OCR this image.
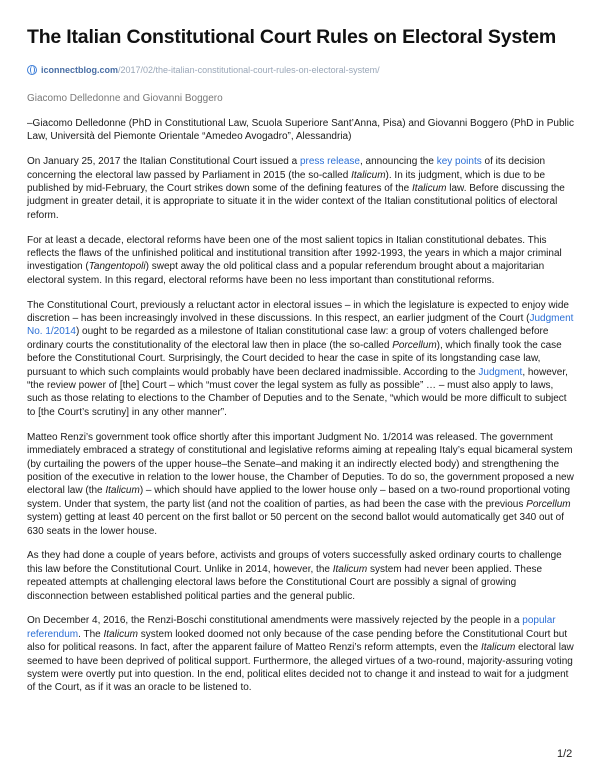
The Italian Constitutional Court Rules on Electoral System
iconnectblog.com /2017/02/the-italian-constitutional-court-rules-on-electoral-system/
Giacomo Delledonne and Giovanni Boggero

–Giacomo Delledonne (PhD in Constitutional Law, Scuola Superiore Sant’Anna, Pisa) and Giovanni Boggero (PhD in Public Law, Università del Piemonte Orientale “Amedeo Avogadro”, Alessandria)

On January 25, 2017 the Italian Constitutional Court issued a press release, announcing the key points of its decision concerning the electoral law passed by Parliament in 2015 (the so-called Italicum). In its judgment, which is due to be published by mid-February, the Court strikes down some of the defining features of the Italicum law. Before discussing the judgment in greater detail, it is appropriate to situate it in the wider context of the Italian constitutional politics of electoral reform.

For at least a decade, electoral reforms have been one of the most salient topics in Italian constitutional debates. This reflects the flaws of the unfinished political and institutional transition after 1992-1993, the years in which a major criminal investigation (Tangentopoli) swept away the old political class and a popular referendum brought about a majoritarian electoral system. In this regard, electoral reforms have been no less important than constitutional reforms.

The Constitutional Court, previously a reluctant actor in electoral issues – in which the legislature is expected to enjoy wide discretion – has been increasingly involved in these discussions. In this respect, an earlier judgment of the Court (Judgment No. 1/2014) ought to be regarded as a milestone of Italian constitutional case law: a group of voters challenged before ordinary courts the constitutionality of the electoral law then in place (the so-called Porcellum), which finally took the case before the Constitutional Court. Surprisingly, the Court decided to hear the case in spite of its longstanding case law, pursuant to which such complaints would probably have been declared inadmissible. According to the Judgment, however, “the review power of [the] Court – which “must cover the legal system as fully as possible” … – must also apply to laws, such as those relating to elections to the Chamber of Deputies and to the Senate, “which would be more difficult to subject to [the Court’s scrutiny] in any other manner”.

Matteo Renzi’s government took office shortly after this important Judgment No. 1/2014 was released. The government immediately embraced a strategy of constitutional and legislative reforms aiming at repealing Italy’s equal bicameral system (by curtailing the powers of the upper house–the Senate–and making it an indirectly elected body) and strengthening the position of the executive in relation to the lower house, the Chamber of Deputies. To do so, the government proposed a new electoral law (the Italicum) – which should have applied to the lower house only – based on a two-round proportional voting system. Under that system, the party list (and not the coalition of parties, as had been the case with the previous Porcellum system) getting at least 40 percent on the first ballot or 50 percent on the second ballot would automatically get 340 out of 630 seats in the lower house.

As they had done a couple of years before, activists and groups of voters successfully asked ordinary courts to challenge this law before the Constitutional Court. Unlike in 2014, however, the Italicum system had never been applied. These repeated attempts at challenging electoral laws before the Constitutional Court are possibly a signal of growing disconnection between established political parties and the general public.

On December 4, 2016, the Renzi-Boschi constitutional amendments were massively rejected by the people in a popular referendum. The Italicum system looked doomed not only because of the case pending before the Constitutional Court but also for political reasons. In fact, after the apparent failure of Matteo Renzi’s reform attempts, even the Italicum electoral law seemed to have been deprived of political support. Furthermore, the alleged virtues of a two-round, majority-assuring voting system were overtly put into question. In the end, political elites decided not to change it and instead to wait for a judgment of the Court, as if it was an oracle to be listened to.

1/2
